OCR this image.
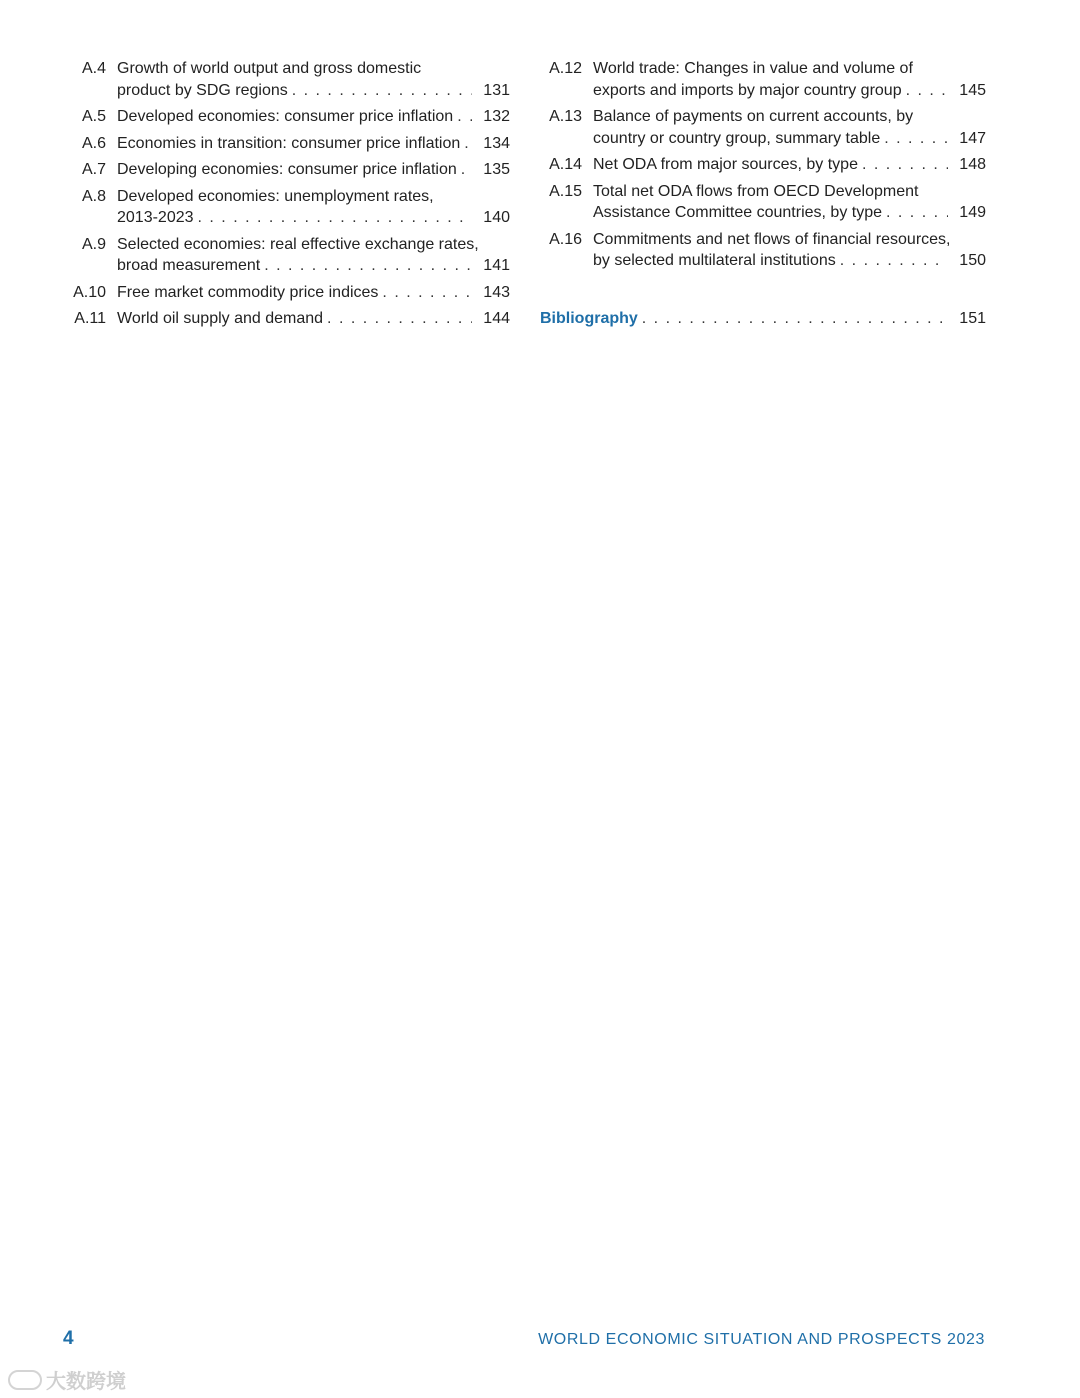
A.4 Growth of world output and gross domestic
product by SDG regions . . .	131
A.5 Developed economies: consumer price inflation . . .	132
A.6 Economies in transition: consumer price inflation . . .	134
A.7 Developing economies: consumer price inflation . . .	135
A.8 Developed economies: unemployment rates,
2013-2023 . . .	140
A.9 Selected economies: real effective exchange rates,
broad measurement . . .	141
A.10 Free market commodity price indices . . .	143
A.11 World oil supply and demand . . .	144
A.12 World trade: Changes in value and volume of
exports and imports by major country group . . .	145
A.13 Balance of payments on current accounts, by
country or country group, summary table . . .	147
A.14 Net ODA from major sources, by type . . .	148
A.15 Total net ODA flows from OECD Development
Assistance Committee countries, by type . . .	149
A.16 Commitments and net flows of financial resources,
by selected multilateral institutions . . .	150
Bibliography . . .	151
4	WORLD ECONOMIC SITUATION AND PROSPECTS 2023
大数跨境
